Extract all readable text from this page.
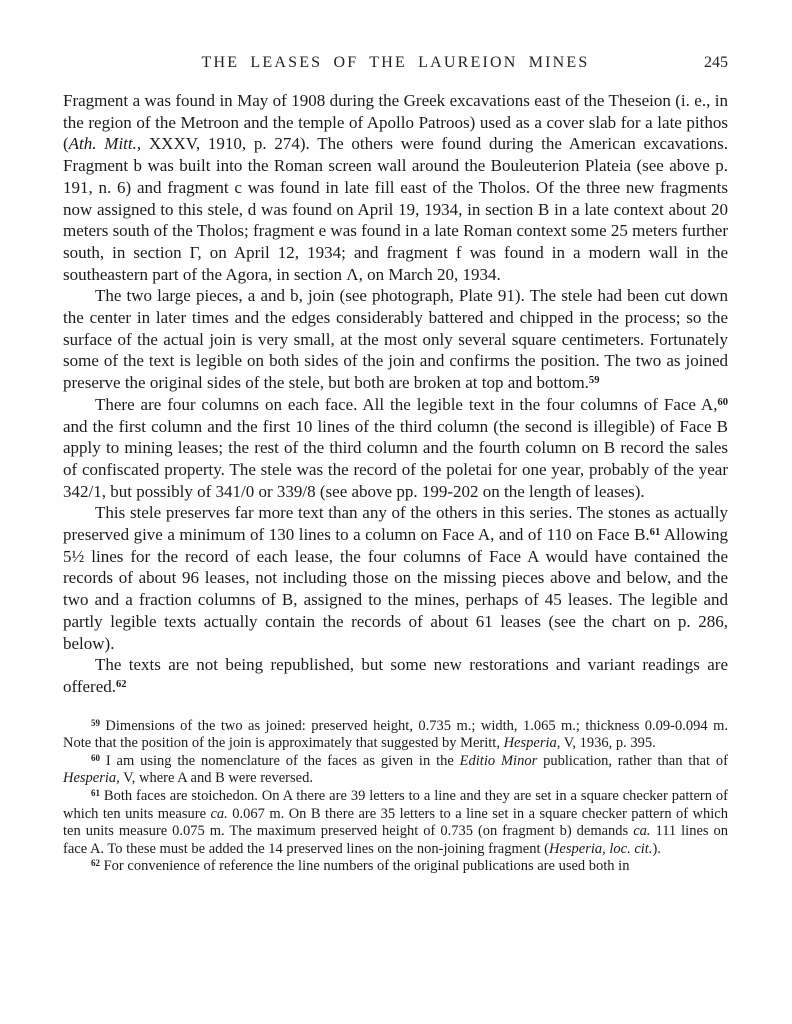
THE LEASES OF THE LAUREION MINES	245

Fragment a was found in May of 1908 during the Greek excavations east of the Theseion (i. e., in the region of the Metroon and the temple of Apollo Patroos) used as a cover slab for a late pithos (Ath. Mitt., XXXV, 1910, p. 274). The others were found during the American excavations. Fragment b was built into the Roman screen wall around the Bouleuterion Plateia (see above p. 191, n. 6) and fragment c was found in late fill east of the Tholos. Of the three new fragments now assigned to this stele, d was found on April 19, 1934, in section B in a late context about 20 meters south of the Tholos; fragment e was found in a late Roman context some 25 meters further south, in section Γ, on April 12, 1934; and fragment f was found in a modern wall in the southeastern part of the Agora, in section Λ, on March 20, 1934.

The two large pieces, a and b, join (see photograph, Plate 91). The stele had been cut down the center in later times and the edges considerably battered and chipped in the process; so the surface of the actual join is very small, at the most only several square centimeters. Fortunately some of the text is legible on both sides of the join and confirms the position. The two as joined preserve the original sides of the stele, but both are broken at top and bottom.$^{59}$

There are four columns on each face. All the legible text in the four columns of Face A,$^{60}$ and the first column and the first 10 lines of the third column (the second is illegible) of Face B apply to mining leases; the rest of the third column and the fourth column on B record the sales of confiscated property. The stele was the record of the poletai for one year, probably of the year 342/1, but possibly of 341/0 or 339/8 (see above pp. 199-202 on the length of leases).

This stele preserves far more text than any of the others in this series. The stones as actually preserved give a minimum of 130 lines to a column on Face A, and of 110 on Face B.$^{61}$ Allowing 5½ lines for the record of each lease, the four columns of Face A would have contained the records of about 96 leases, not including those on the missing pieces above and below, and the two and a fraction columns of B, assigned to the mines, perhaps of 45 leases. The legible and partly legible texts actually contain the records of about 61 leases (see the chart on p. 286, below).

The texts are not being republished, but some new restorations and variant readings are offered.$^{62}$

$^{59}$ Dimensions of the two as joined: preserved height, 0.735 m.; width, 1.065 m.; thickness 0.09-0.094 m. Note that the position of the join is approximately that suggested by Meritt, Hesperia, V, 1936, p. 395.

$^{60}$ I am using the nomenclature of the faces as given in the Editio Minor publication, rather than that of Hesperia, V, where A and B were reversed.

$^{61}$ Both faces are stoichedon. On A there are 39 letters to a line and they are set in a square checker pattern of which ten units measure ca. 0.067 m. On B there are 35 letters to a line set in a square checker pattern of which ten units measure 0.075 m. The maximum preserved height of 0.735 (on fragment b) demands ca. 111 lines on face A. To these must be added the 14 preserved lines on the non-joining fragment (Hesperia, loc. cit.).

$^{62}$ For convenience of reference the line numbers of the original publications are used both in
